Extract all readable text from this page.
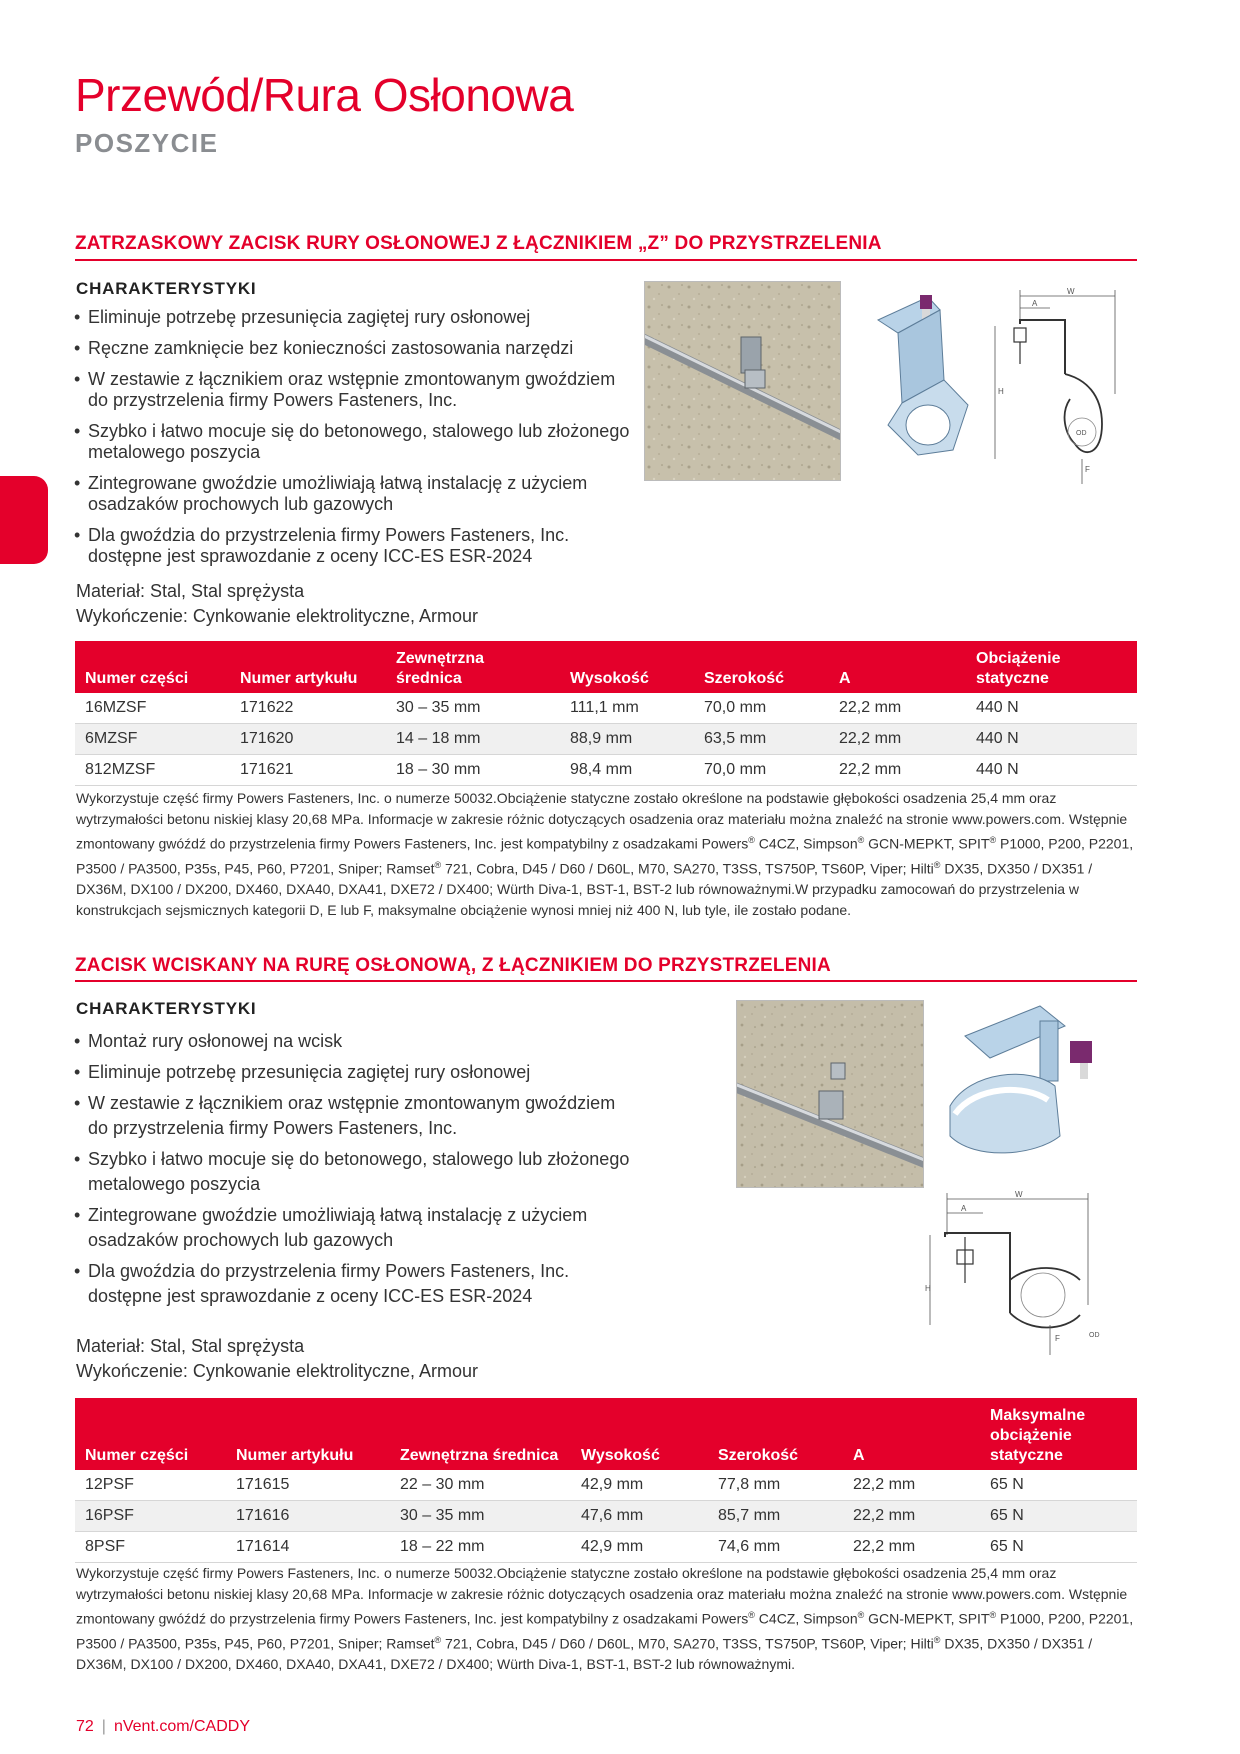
Przewód/Rura Osłonowa
POSZYCIE
ZATRZASKOWY ZACISK RURY OSŁONOWEJ Z ŁĄCZNIKIEM „Z” DO PRZYSTRZELENIA
CHARAKTERYSTYKI
• Eliminuje potrzebę przesunięcia zagiętej rury osłonowej
• Ręczne zamknięcie bez konieczności zastosowania narzędzi
• W zestawie z łącznikiem oraz wstępnie zmontowanym gwoździem do przystrzelenia firmy Powers Fasteners, Inc.
• Szybko i łatwo mocuje się do betonowego, stalowego lub złożonego metalowego poszycia
• Zintegrowane gwoździe umożliwiają łatwą instalację z użyciem osadzaków prochowych lub gazowych
• Dla gwoździa do przystrzelenia firmy Powers Fasteners, Inc. dostępne jest sprawozdanie z oceny ICC-ES ESR-2024
Materiał: Stal, Stal sprężysta
Wykończenie: Cynkowanie elektrolityczne, Armour
W
A
H
OD
F
Numer części	Numer artykułu	Zewnętrzna średnica	Wysokość	Szerokość	A	Obciążenie statyczne
16MZSF	171622	30 – 35 mm	111,1 mm	70,0 mm	22,2 mm	440 N
6MZSF	171620	14 – 18 mm	88,9 mm	63,5 mm	22,2 mm	440 N
812MZSF	171621	18 – 30 mm	98,4 mm	70,0 mm	22,2 mm	440 N
Wykorzystuje część firmy Powers Fasteners, Inc. o numerze 50032.Obciążenie statyczne zostało określone na podstawie głębokości osadzenia 25,4 mm oraz wytrzymałości betonu niskiej klasy 20,68 MPa. Informacje w zakresie różnic dotyczących osadzenia oraz materiału można znaleźć na stronie www.powers.com. Wstępnie zmontowany gwóźdź do przystrzelenia firmy Powers Fasteners, Inc. jest kompatybilny z osadzakami Powers® C4CZ, Simpson® GCN-MEPKT, SPIT® P1000, P200, P2201, P3500 / PA3500, P35s, P45, P60, P7201, Sniper; Ramset® 721, Cobra, D45 / D60 / D60L, M70, SA270, T3SS, TS750P, TS60P, Viper; Hilti® DX35, DX350 / DX351 / DX36M, DX100 / DX200, DX460, DXA40, DXA41, DXE72 / DX400; Würth Diva-1, BST-1, BST-2 lub równoważnymi.W przypadku zamocowań do przystrzelenia w konstrukcjach sejsmicznych kategorii D, E lub F, maksymalne obciążenie wynosi mniej niż 400 N, lub tyle, ile zostało podane.
ZACISK WCISKANY NA RURĘ OSŁONOWĄ, Z ŁĄCZNIKIEM DO PRZYSTRZELENIA
CHARAKTERYSTYKI
• Montaż rury osłonowej na wcisk
• Eliminuje potrzebę przesunięcia zagiętej rury osłonowej
• W zestawie z łącznikiem oraz wstępnie zmontowanym gwoździem do przystrzelenia firmy Powers Fasteners, Inc.
• Szybko i łatwo mocuje się do betonowego, stalowego lub złożonego metalowego poszycia
• Zintegrowane gwoździe umożliwiają łatwą instalację z użyciem osadzaków prochowych lub gazowych
• Dla gwoździa do przystrzelenia firmy Powers Fasteners, Inc. dostępne jest sprawozdanie z oceny ICC-ES ESR-2024
Materiał: Stal, Stal sprężysta
Wykończenie: Cynkowanie elektrolityczne, Armour
W
A
H
OD
F
Numer części	Numer artykułu	Zewnętrzna średnica	Wysokość	Szerokość	A	Maksymalne obciążenie statyczne
12PSF	171615	22 – 30 mm	42,9 mm	77,8 mm	22,2 mm	65 N
16PSF	171616	30 – 35 mm	47,6 mm	85,7 mm	22,2 mm	65 N
8PSF	171614	18 – 22 mm	42,9 mm	74,6 mm	22,2 mm	65 N
Wykorzystuje część firmy Powers Fasteners, Inc. o numerze 50032.Obciążenie statyczne zostało określone na podstawie głębokości osadzenia 25,4 mm oraz wytrzymałości betonu niskiej klasy 20,68 MPa. Informacje w zakresie różnic dotyczących osadzenia oraz materiału można znaleźć na stronie www.powers.com. Wstępnie zmontowany gwóźdź do przystrzelenia firmy Powers Fasteners, Inc. jest kompatybilny z osadzakami Powers® C4CZ, Simpson® GCN-MEPKT, SPIT® P1000, P200, P2201, P3500 / PA3500, P35s, P45, P60, P7201, Sniper; Ramset® 721, Cobra, D45 / D60 / D60L, M70, SA270, T3SS, TS750P, TS60P, Viper; Hilti® DX35, DX350 / DX351 / DX36M, DX100 / DX200, DX460, DXA40, DXA41, DXE72 / DX400; Würth Diva-1, BST-1, BST-2 lub równoważnymi.
72 | nVent.com/CADDY
